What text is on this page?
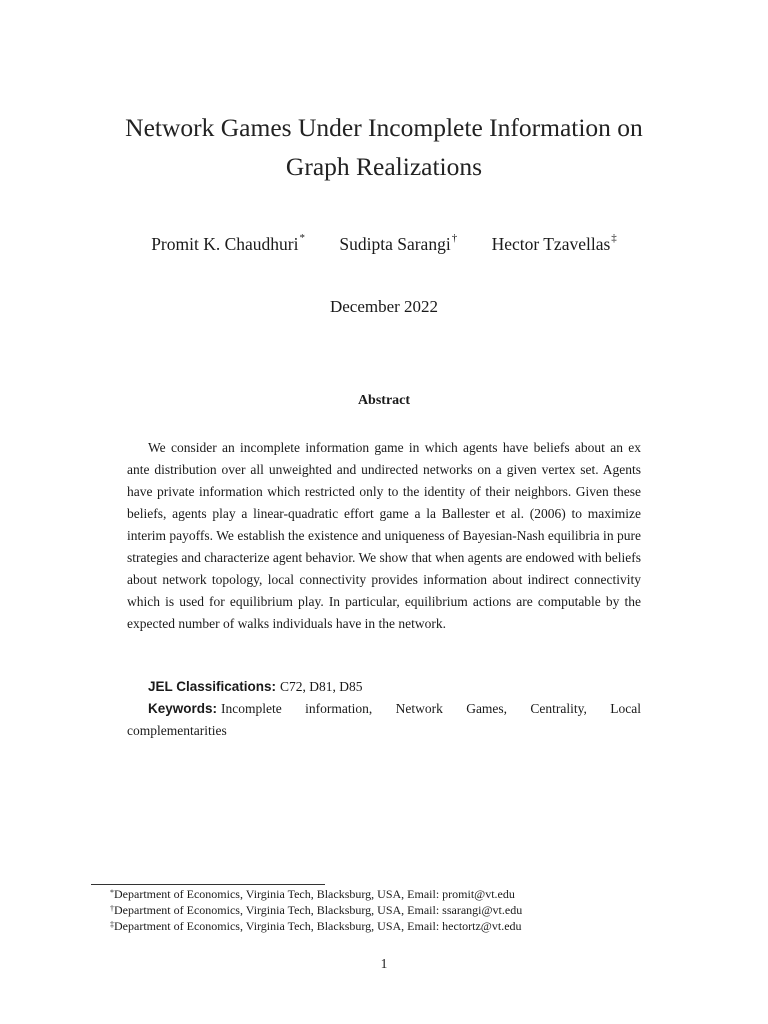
Network Games Under Incomplete Information on
Graph Realizations
Promit K. Chaudhuri* Sudipta Sarangi† Hector Tzavellas‡
December 2022
Abstract

We consider an incomplete information game in which agents have beliefs about an ex ante distribution over all unweighted and undirected networks on a given vertex set. Agents have private information which restricted only to the identity of their neighbors. Given these beliefs, agents play a linear-quadratic effort game a la Ballester et al. (2006) to maximize interim payoffs. We establish the existence and uniqueness of Bayesian-Nash equilibria in pure strategies and characterize agent behavior. We show that when agents are endowed with beliefs about network topology, local connectivity provides information about indirect connectivity which is used for equilibrium play. In particular, equilibrium actions are computable by the expected number of walks individuals have in the network.

JEL Classifications: C72, D81, D85
Keywords: Incomplete information, Network Games, Centrality, Local complementarities
*Department of Economics, Virginia Tech, Blacksburg, USA, Email: promit@vt.edu
†Department of Economics, Virginia Tech, Blacksburg, USA, Email: ssarangi@vt.edu
‡Department of Economics, Virginia Tech, Blacksburg, USA, Email: hectortz@vt.edu
1
